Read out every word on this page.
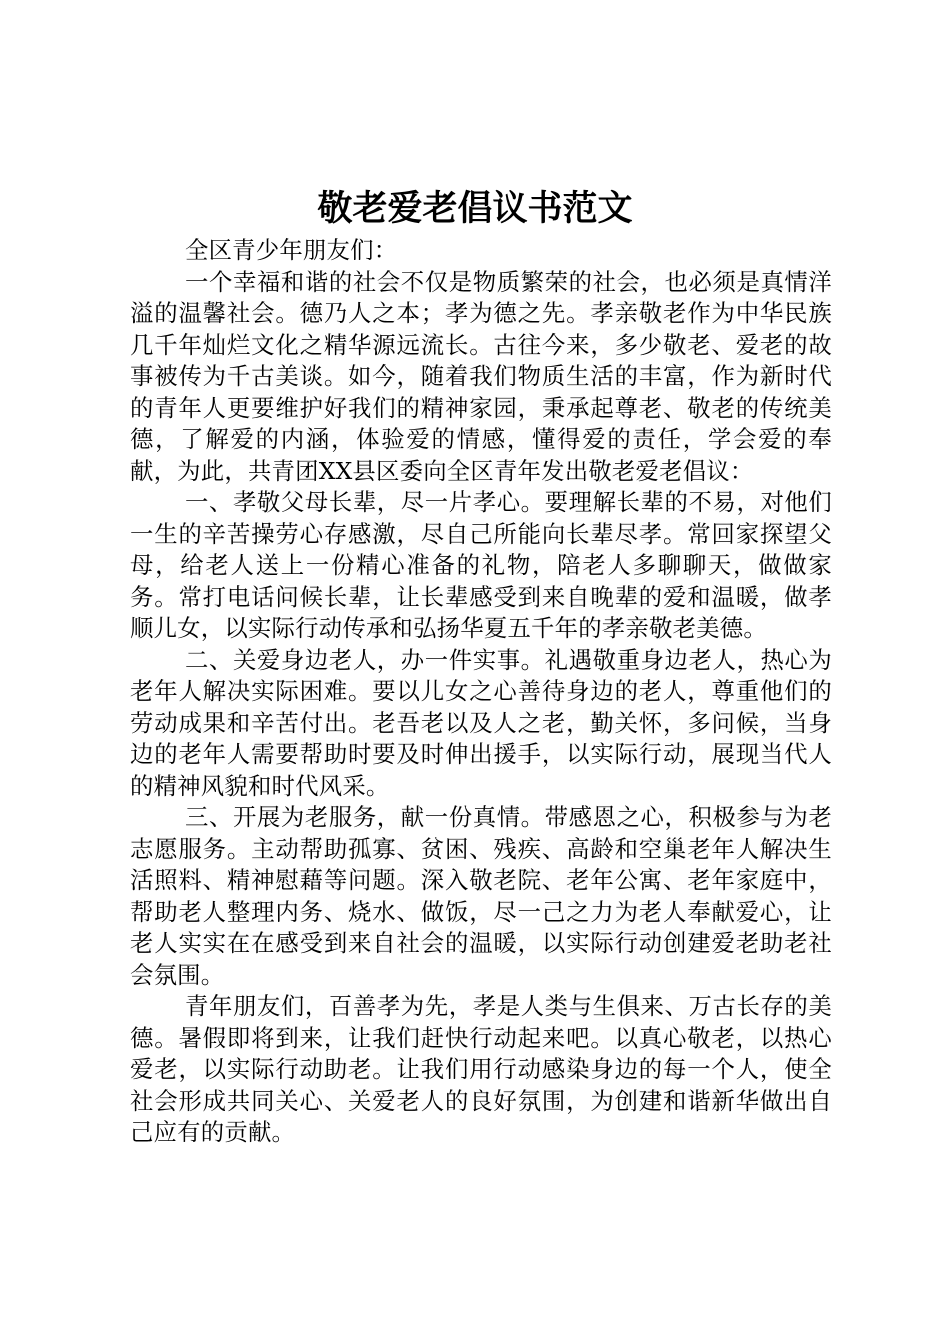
敬老爱老倡议书范文

全区青少年朋友们：

一个幸福和谐的社会不仅是物质繁荣的社会，也必须是真情洋溢的温馨社会。德乃人之本；孝为德之先。孝亲敬老作为中华民族几千年灿烂文化之精华源远流长。古往今来，多少敬老、爱老的故事被传为千古美谈。如今，随着我们物质生活的丰富，作为新时代的青年人更要维护好我们的精神家园，秉承起尊老、敬老的传统美德，了解爱的内涵，体验爱的情感，懂得爱的责任，学会爱的奉献，为此，共青团XX县区委向全区青年发出敬老爱老倡议：

一、孝敬父母长辈，尽一片孝心。要理解长辈的不易，对他们一生的辛苦操劳心存感激，尽自己所能向长辈尽孝。常回家探望父母，给老人送上一份精心准备的礼物，陪老人多聊聊天，做做家务。常打电话问候长辈，让长辈感受到来自晚辈的爱和温暖，做孝顺儿女，以实际行动传承和弘扬华夏五千年的孝亲敬老美德。

二、关爱身边老人，办一件实事。礼遇敬重身边老人，热心为老年人解决实际困难。要以儿女之心善待身边的老人，尊重他们的劳动成果和辛苦付出。老吾老以及人之老，勤关怀，多问候，当身边的老年人需要帮助时要及时伸出援手，以实际行动，展现当代人的精神风貌和时代风采。

三、开展为老服务，献一份真情。带感恩之心，积极参与为老志愿服务。主动帮助孤寡、贫困、残疾、高龄和空巢老年人解决生活照料、精神慰藉等问题。深入敬老院、老年公寓、老年家庭中，帮助老人整理内务、烧水、做饭，尽一己之力为老人奉献爱心，让老人实实在在感受到来自社会的温暖，以实际行动创建爱老助老社会氛围。

青年朋友们，百善孝为先，孝是人类与生俱来、万古长存的美德。暑假即将到来，让我们赶快行动起来吧。以真心敬老，以热心爱老，以实际行动助老。让我们用行动感染身边的每一个人，使全社会形成共同关心、关爱老人的良好氛围，为创建和谐新华做出自己应有的贡献。
